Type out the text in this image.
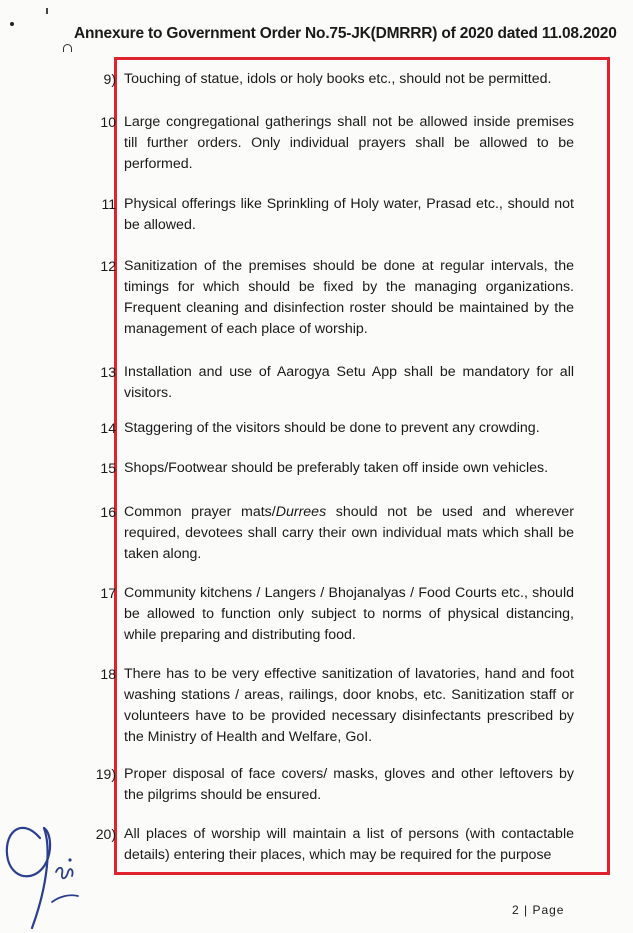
Annexure to Government Order No.75-JK(DMRRR) of 2020 dated 11.08.2020
9) Touching of statue, idols or holy books etc., should not be permitted.
10 Large congregational gatherings shall not be allowed inside premises till further orders. Only individual prayers shall be allowed to be performed.
11 Physical offerings like Sprinkling of Holy water, Prasad etc., should not be allowed.
12 Sanitization of the premises should be done at regular intervals, the timings for which should be fixed by the managing organizations. Frequent cleaning and disinfection roster should be maintained by the management of each place of worship.
13 Installation and use of Aarogya Setu App shall be mandatory for all visitors.
14 Staggering of the visitors should be done to prevent any crowding.
15 Shops/Footwear should be preferably taken off inside own vehicles.
16 Common prayer mats/Durrees should not be used and wherever required, devotees shall carry their own individual mats which shall be taken along.
17 Community kitchens / Langers / Bhojanalyas / Food Courts etc., should be allowed to function only subject to norms of physical distancing, while preparing and distributing food.
18 There has to be very effective sanitization of lavatories, hand and foot washing stations / areas, railings, door knobs, etc. Sanitization staff or volunteers have to be provided necessary disinfectants prescribed by the Ministry of Health and Welfare, GoI.
19) Proper disposal of face covers/ masks, gloves and other leftovers by the pilgrims should be ensured.
20) All places of worship will maintain a list of persons (with contactable details) entering their places, which may be required for the purpose
2 | Page
